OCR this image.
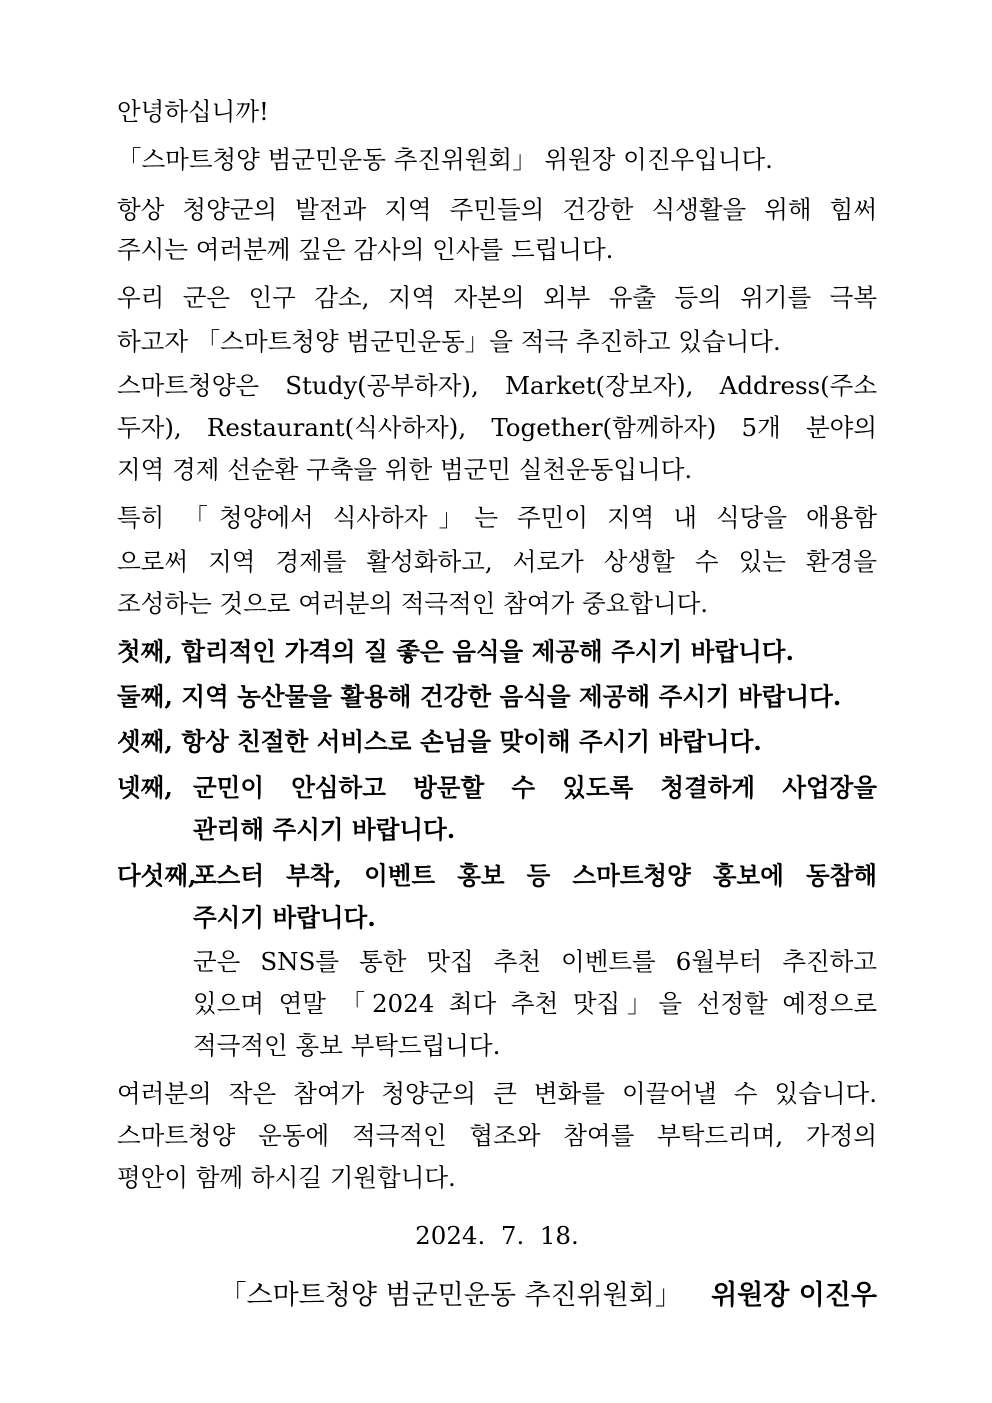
안녕하십니까!
「스마트청양 범군민운동 추진위원회」 위원장 이진우입니다.
항상 청양군의 발전과 지역 주민들의 건강한 식생활을 위해 힘써
주시는 여러분께 깊은 감사의 인사를 드립니다.
우리 군은 인구 감소, 지역 자본의 외부 유출 등의 위기를 극복
하고자 「스마트청양 범군민운동」을 적극 추진하고 있습니다.
스마트청양은 Study(공부하자), Market(장보자), Address(주소
두자), Restaurant(식사하자), Together(함께하자) 5개 분야의
지역 경제 선순환 구축을 위한 범군민 실천운동입니다.
특히 「청양에서 식사하자」는 주민이 지역 내 식당을 애용함
으로써 지역 경제를 활성화하고, 서로가 상생할 수 있는 환경을
조성하는 것으로 여러분의 적극적인 참여가 중요합니다.
첫째, 합리적인 가격의 질 좋은 음식을 제공해 주시기 바랍니다.
둘째, 지역 농산물을 활용해 건강한 음식을 제공해 주시기 바랍니다.
셋째, 항상 친절한 서비스로 손님을 맞이해 주시기 바랍니다.
넷째, 군민이 안심하고 방문할 수 있도록 청결하게 사업장을
관리해 주시기 바랍니다.
다섯째,
포스터 부착, 이벤트 홍보 등 스마트청양 홍보에 동참해
주시기 바랍니다.
군은 SNS를 통한 맛집 추천 이벤트를 6월부터 추진하고
있으며 연말 「2024 최다 추천 맛집」을 선정할 예정으로
적극적인 홍보 부탁드립니다.
여러분의 작은 참여가 청양군의 큰 변화를 이끌어낼 수 있습니다.
스마트청양 운동에 적극적인 협조와 참여를 부탁드리며, 가정의
평안이 함께 하시길 기원합니다.
2024.  7.  18.
「스마트청양 범군민운동 추진위원회」 위원장 이진우
